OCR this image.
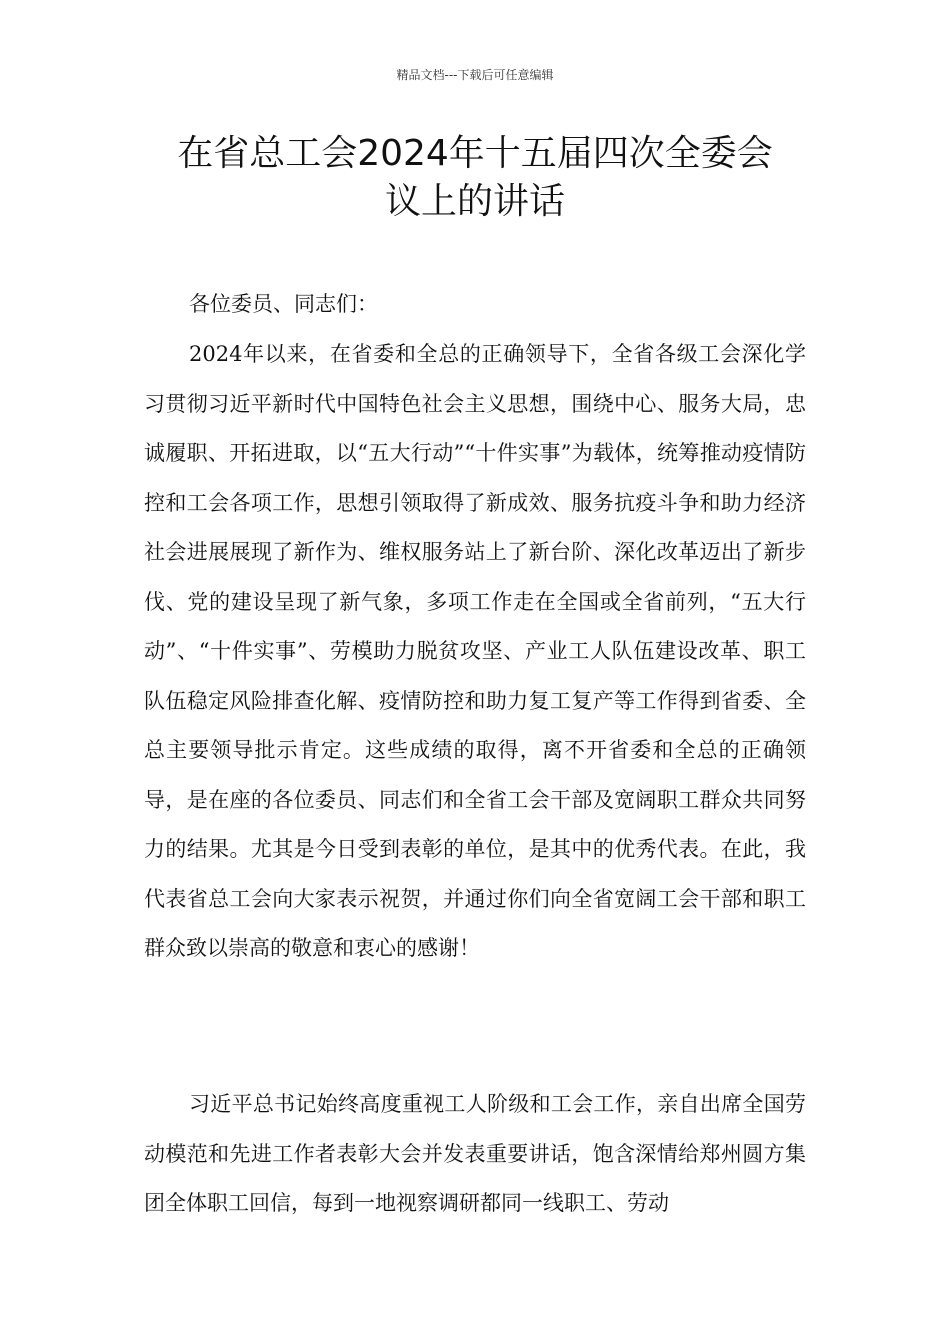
精品文档---下载后可任意编辑
在省总工会2024年十五届四次全委会
议上的讲话

各位委员、同志们：

2024年以来，在省委和全总的正确领导下，全省各级工会深化学习贯彻习近平新时代中国特色社会主义思想，围绕中心、服务大局，忠诚履职、开拓进取，以“五大行动”“十件实事”为载体，统筹推动疫情防控和工会各项工作，思想引领取得了新成效、服务抗疫斗争和助力经济社会进展展现了新作为、维权服务站上了新台阶、深化改革迈出了新步伐、党的建设呈现了新气象，多项工作走在全国或全省前列，“五大行动”、“十件实事”、劳模助力脱贫攻坚、产业工人队伍建设改革、职工队伍稳定风险排查化解、疫情防控和助力复工复产等工作得到省委、全总主要领导批示肯定。这些成绩的取得，离不开省委和全总的正确领导，是在座的各位委员、同志们和全省工会干部及宽阔职工群众共同努力的结果。尤其是今日受到表彰的单位，是其中的优秀代表。在此，我代表省总工会向大家表示祝贺，并通过你们向全省宽阔工会干部和职工群众致以崇高的敬意和衷心的感谢！

习近平总书记始终高度重视工人阶级和工会工作，亲自出席全国劳动模范和先进工作者表彰大会并发表重要讲话，饱含深情给郑州圆方集团全体职工回信，每到一地视察调研都同一线职工、劳动
